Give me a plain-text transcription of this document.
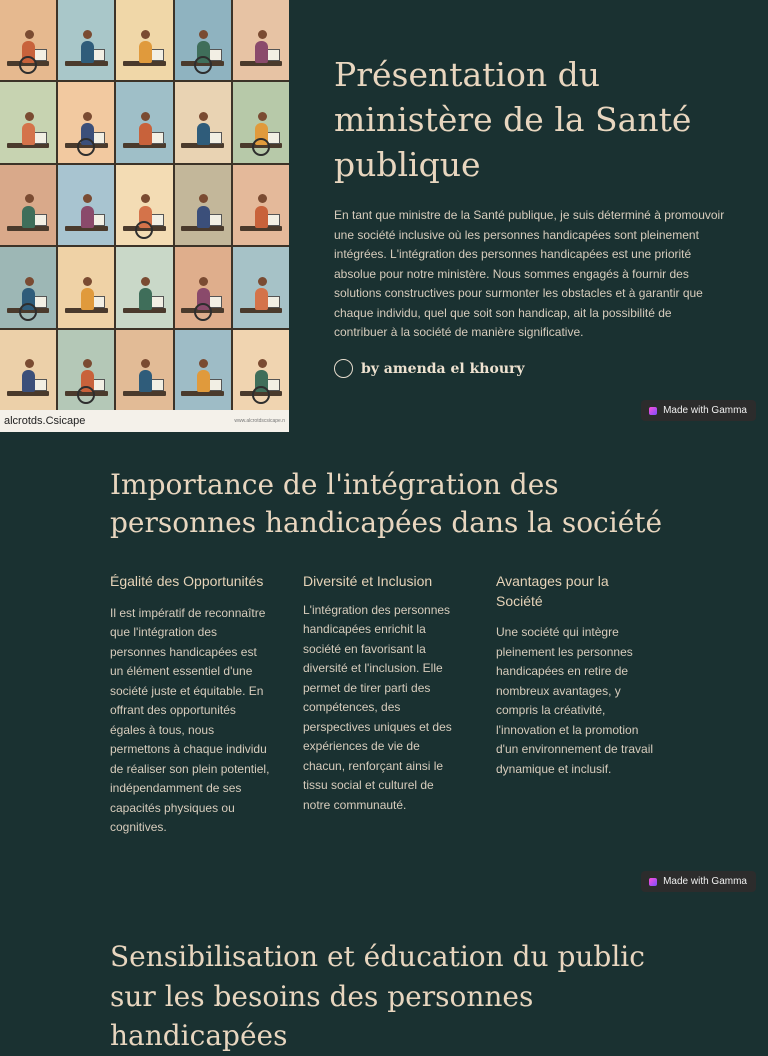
alcrotds.Csicape	www.alcrotdscsicape.n
Présentation du ministère de la Santé publique

En tant que ministre de la Santé publique, je suis déterminé à promouvoir une société inclusive où les personnes handicapées sont pleinement intégrées. L'intégration des personnes handicapées est une priorité absolue pour notre ministère. Nous sommes engagés à fournir des solutions constructives pour surmonter les obstacles et à garantir que chaque individu, quel que soit son handicap, ait la possibilité de contribuer à la société de manière significative.

by amenda el khoury
Made with Gamma
Importance de l'intégration des personnes handicapées dans la société
Égalité des Opportunités

Il est impératif de reconnaître que l'intégration des personnes handicapées est un élément essentiel d'une société juste et équitable. En offrant des opportunités égales à tous, nous permettons à chaque individu de réaliser son plein potentiel, indépendamment de ses capacités physiques ou cognitives.

Diversité et Inclusion

L'intégration des personnes handicapées enrichit la société en favorisant la diversité et l'inclusion. Elle permet de tirer parti des compétences, des perspectives uniques et des expériences de vie de chacun, renforçant ainsi le tissu social et culturel de notre communauté.

Avantages pour la Société

Une société qui intègre pleinement les personnes handicapées en retire de nombreux avantages, y compris la créativité, l'innovation et la promotion d'un environnement de travail dynamique et inclusif.

Made with Gamma
Sensibilisation et éducation du public sur les besoins des personnes handicapées
